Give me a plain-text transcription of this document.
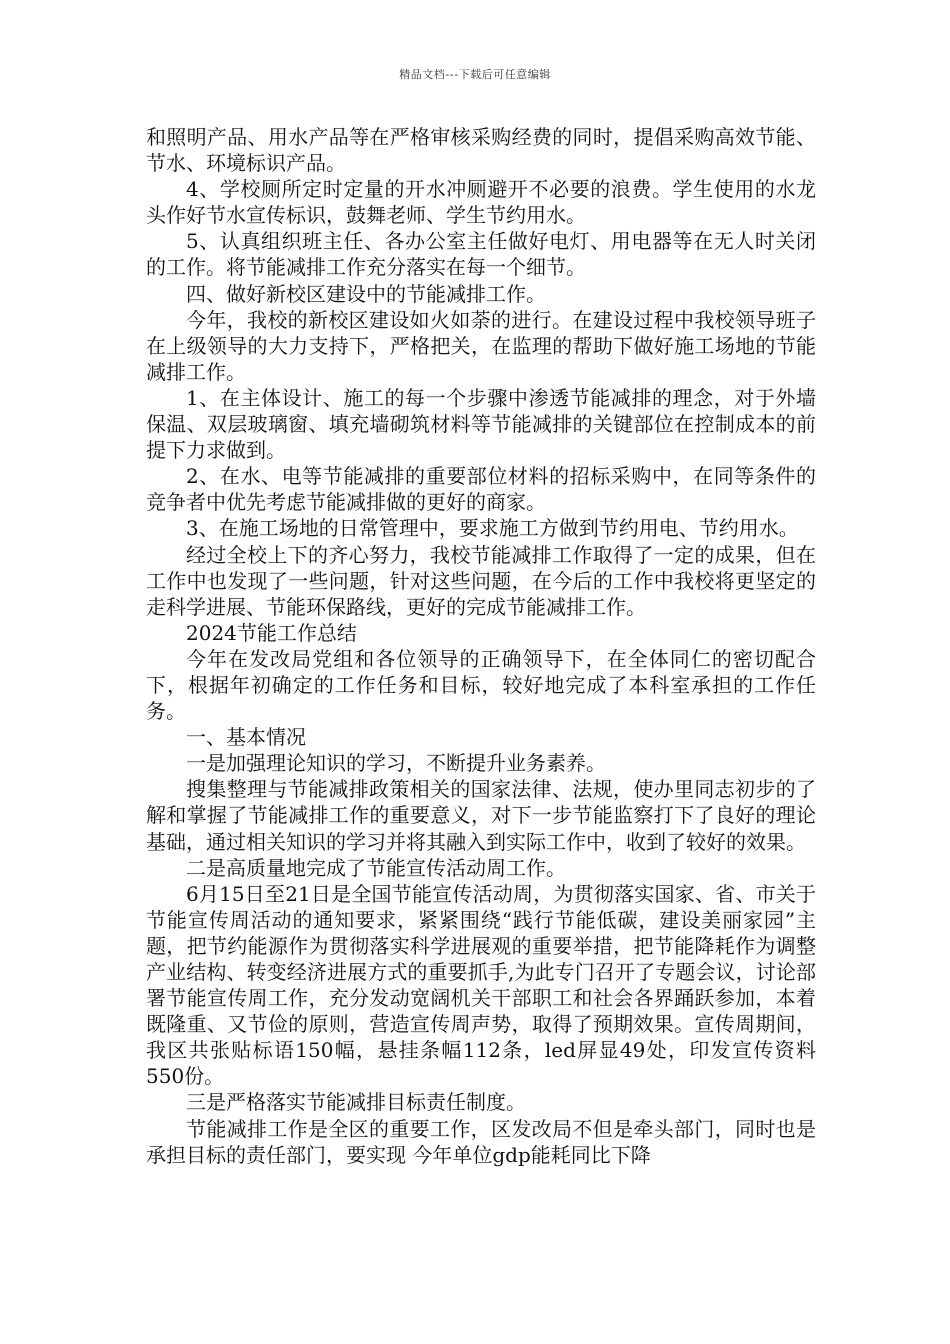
精品文档---下载后可任意编辑

和照明产品、用水产品等在严格审核采购经费的同时，提倡采购高效节能、节水、环境标识产品。

4、学校厕所定时定量的开水冲厕避开不必要的浪费。学生使用的水龙头作好节水宣传标识，鼓舞老师、学生节约用水。

5、认真组织班主任、各办公室主任做好电灯、用电器等在无人时关闭的工作。将节能减排工作充分落实在每一个细节。

四、做好新校区建设中的节能减排工作。

今年，我校的新校区建设如火如荼的进行。在建设过程中我校领导班子在上级领导的大力支持下，严格把关，在监理的帮助下做好施工场地的节能减排工作。

1、在主体设计、施工的每一个步骤中渗透节能减排的理念，对于外墙保温、双层玻璃窗、填充墙砌筑材料等节能减排的关键部位在控制成本的前提下力求做到。

2、在水、电等节能减排的重要部位材料的招标采购中，在同等条件的竞争者中优先考虑节能减排做的更好的商家。

3、在施工场地的日常管理中，要求施工方做到节约用电、节约用水。

经过全校上下的齐心努力，我校节能减排工作取得了一定的成果，但在工作中也发现了一些问题，针对这些问题，在今后的工作中我校将更坚定的走科学进展、节能环保路线，更好的完成节能减排工作。

2024节能工作总结

今年在发改局党组和各位领导的正确领导下，在全体同仁的密切配合下，根据年初确定的工作任务和目标，较好地完成了本科室承担的工作任务。

一、基本情况

一是加强理论知识的学习，不断提升业务素养。

搜集整理与节能减排政策相关的国家法律、法规，使办里同志初步的了解和掌握了节能减排工作的重要意义，对下一步节能监察打下了良好的理论基础，通过相关知识的学习并将其融入到实际工作中，收到了较好的效果。

二是高质量地完成了节能宣传活动周工作。

6月15日至21日是全国节能宣传活动周，为贯彻落实国家、省、市关于节能宣传周活动的通知要求，紧紧围绕“践行节能低碳，建设美丽家园”主题，把节约能源作为贯彻落实科学进展观的重要举措，把节能降耗作为调整产业结构、转变经济进展方式的重要抓手,为此专门召开了专题会议，讨论部署节能宣传周工作，充分发动宽阔机关干部职工和社会各界踊跃参加，本着既隆重、又节俭的原则，营造宣传周声势，取得了预期效果。宣传周期间，我区共张贴标语150幅，悬挂条幅112条，led屏显49处，印发宣传资料550份。

三是严格落实节能减排目标责任制度。

节能减排工作是全区的重要工作，区发改局不但是牵头部门，同时也是承担目标的责任部门，要实现 今年单位gdp能耗同比下降
